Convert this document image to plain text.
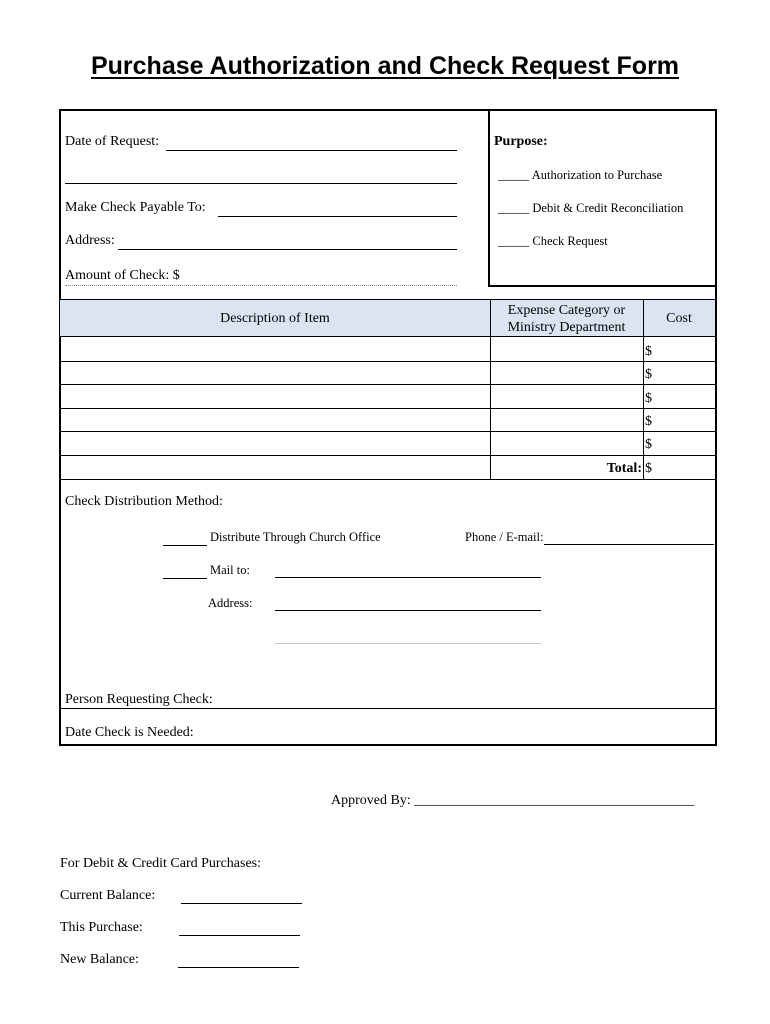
Purchase Authorization and Check Request Form
Date of Request:
Make Check Payable To:
Address:
Amount of Check: $
Purpose:
_____ Authorization to Purchase
_____ Debit & Credit Reconciliation
_____ Check Request
Description of Item
Expense Category or
Ministry Department
Cost
$
$
$
$
$
Total: $
Check Distribution Method:
Distribute Through Church Office	Phone / E-mail:
Mail to:
Address:
Person Requesting Check:
Date Check is Needed:
Approved By: ________________________________________
For Debit & Credit Card Purchases:
Current Balance:
This Purchase:
New Balance:
